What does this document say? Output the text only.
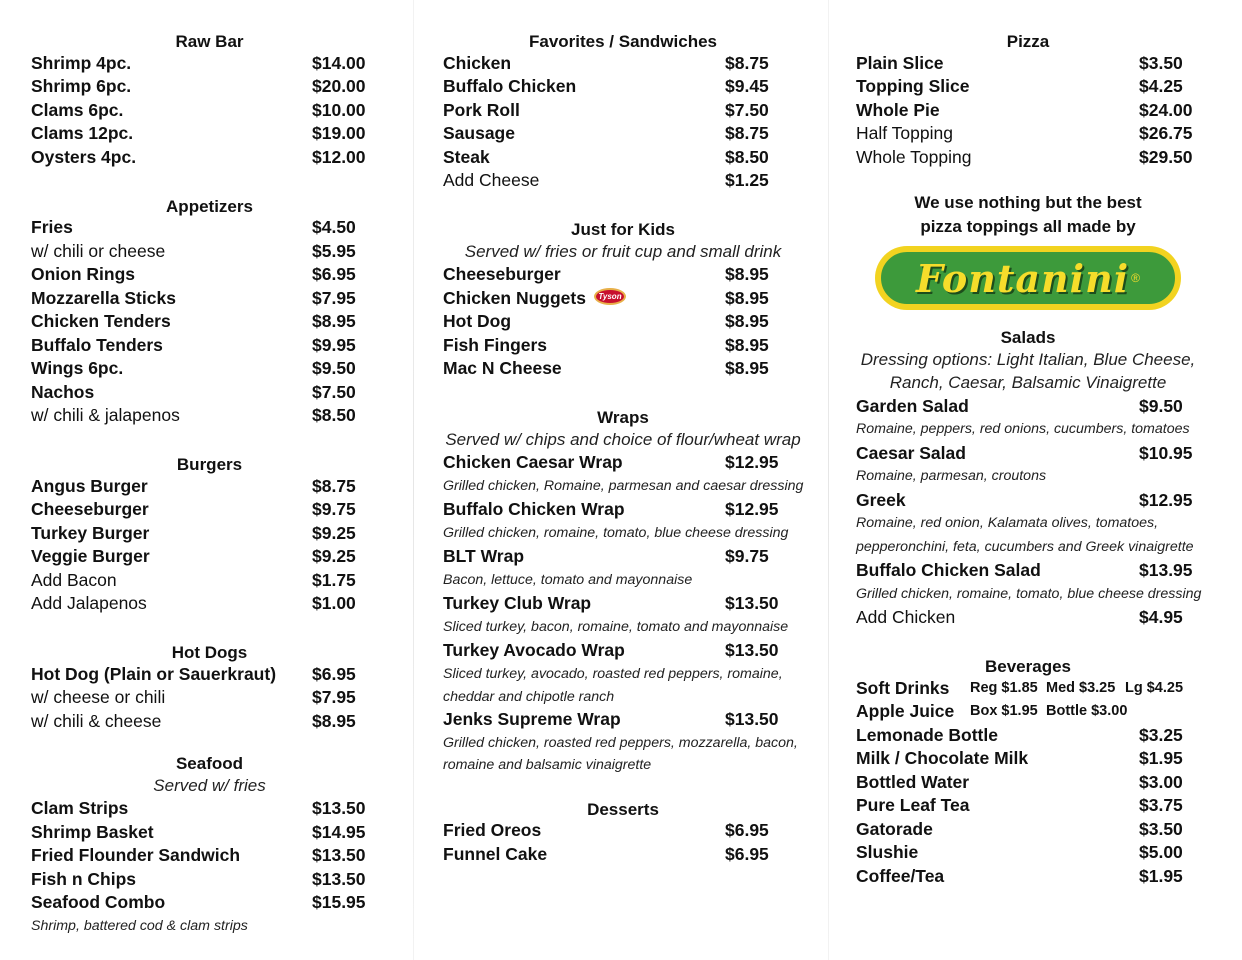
Raw Bar
Shrimp 4pc.	$14.00
Shrimp 6pc.	$20.00
Clams 6pc.	$10.00
Clams 12pc.	$19.00
Oysters 4pc.	$12.00
Appetizers
Fries	$4.50
w/ chili or cheese	$5.95
Onion Rings	$6.95
Mozzarella Sticks	$7.95
Chicken Tenders	$8.95
Buffalo Tenders	$9.95
Wings 6pc.	$9.50
Nachos	$7.50
w/ chili & jalapenos	$8.50
Burgers
Angus Burger	$8.75
Cheeseburger	$9.75
Turkey Burger	$9.25
Veggie Burger	$9.25
Add Bacon	$1.75
Add Jalapenos	$1.00
Hot Dogs
Hot Dog (Plain or Sauerkraut) $6.95
w/ cheese or chili	$7.95
w/ chili & cheese	$8.95
Seafood
Served w/ fries
Clam Strips	$13.50
Shrimp Basket	$14.95
Fried Flounder Sandwich	$13.50
Fish n Chips	$13.50
Seafood Combo	$15.95
Shrimp, battered cod & clam strips
Favorites / Sandwiches
Chicken	$8.75
Buffalo Chicken	$9.45
Pork Roll	$7.50
Sausage	$8.75
Steak	$8.50
Add Cheese	$1.25
Just for Kids
Served w/ fries or fruit cup and small drink
Cheeseburger	$8.95
Chicken Nuggets Tyson	$8.95
Hot Dog	$8.95
Fish Fingers	$8.95
Mac N Cheese	$8.95
Wraps
Served w/ chips and choice of flour/wheat wrap
Chicken Caesar Wrap	$12.95
Grilled chicken, Romaine, parmesan and caesar dressing
Buffalo Chicken Wrap	$12.95
Grilled chicken, romaine, tomato, blue cheese dressing
BLT Wrap	$9.75
Bacon, lettuce, tomato and mayonnaise
Turkey Club Wrap	$13.50
Sliced turkey, bacon, romaine, tomato and mayonnaise
Turkey Avocado Wrap	$13.50
Sliced turkey, avocado, roasted red peppers, romaine,
cheddar and chipotle ranch
Jenks Supreme Wrap	$13.50
Grilled chicken, roasted red peppers, mozzarella, bacon,
romaine and balsamic vinaigrette
Desserts
Fried Oreos	$6.95
Funnel Cake	$6.95
Pizza
Plain Slice	$3.50
Topping Slice	$4.25
Whole Pie	$24.00
Half Topping	$26.75
Whole Topping	$29.50
We use nothing but the best
pizza toppings all made by
Fontanini ®
Salads
Dressing options: Light Italian, Blue Cheese,
Ranch, Caesar, Balsamic Vinaigrette
Garden Salad	$9.50
Romaine, peppers, red onions, cucumbers, tomatoes
Caesar Salad	$10.95
Romaine, parmesan, croutons
Greek	$12.95
Romaine, red onion, Kalamata olives, tomatoes,
pepperonchini, feta, cucumbers and Greek vinaigrette
Buffalo Chicken Salad	$13.95
Grilled chicken, romaine, tomato, blue cheese dressing
Add Chicken	$4.95
Beverages
Soft Drinks Reg $1.85 Med $3.25 Lg $4.25
Apple Juice Box $1.95 Bottle $3.00
Lemonade Bottle	$3.25
Milk / Chocolate Milk	$1.95
Bottled Water	$3.00
Pure Leaf Tea	$3.75
Gatorade	$3.50
Slushie	$5.00
Coffee/Tea	$1.95
